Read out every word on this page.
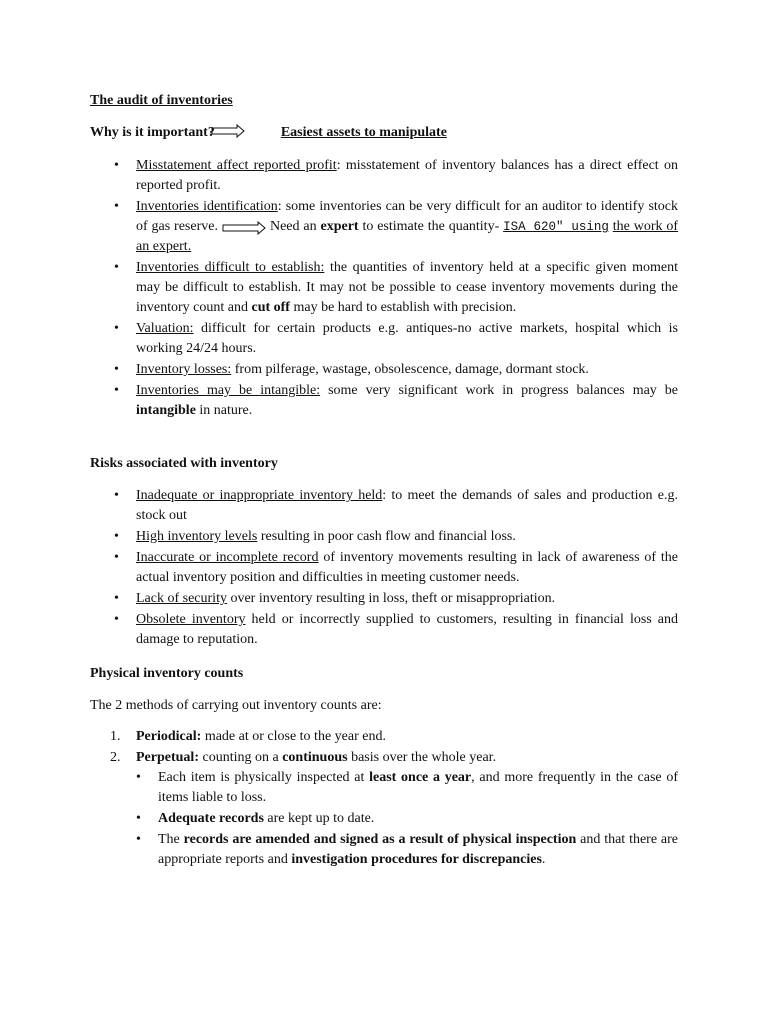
The audit of inventories
Why is it important?	Easiest assets to manipulate
• Misstatement affect reported profit: misstatement of inventory balances has a direct effect on reported profit.
• Inventories identification: some inventories can be very difficult for an auditor to identify stock of gas reserve.	Need an expert to estimate the quantity- ISA 620" using the work of an expert.
• Inventories difficult to establish: the quantities of inventory held at a specific given moment may be difficult to establish. It may not be possible to cease inventory movements during the inventory count and cut off may be hard to establish with precision.
• Valuation: difficult for certain products e.g. antiques-no active markets, hospital which is working 24/24 hours.
• Inventory losses: from pilferage, wastage, obsolescence, damage, dormant stock.
• Inventories may be intangible: some very significant work in progress balances may be intangible in nature.
Risks associated with inventory
• Inadequate or inappropriate inventory held: to meet the demands of sales and production e.g. stock out
• High inventory levels resulting in poor cash flow and financial loss.
• Inaccurate or incomplete record of inventory movements resulting in lack of awareness of the actual inventory position and difficulties in meeting customer needs.
• Lack of security over inventory resulting in loss, theft or misappropriation.
• Obsolete inventory held or incorrectly supplied to customers, resulting in financial loss and damage to reputation.
Physical inventory counts
The 2 methods of carrying out inventory counts are:
1. Periodical: made at or close to the year end.
2. Perpetual: counting on a continuous basis over the whole year.
• Each item is physically inspected at least once a year, and more frequently in the case of items liable to loss.
• Adequate records are kept up to date.
• The records are amended and signed as a result of physical inspection and that there are appropriate reports and investigation procedures for discrepancies.
